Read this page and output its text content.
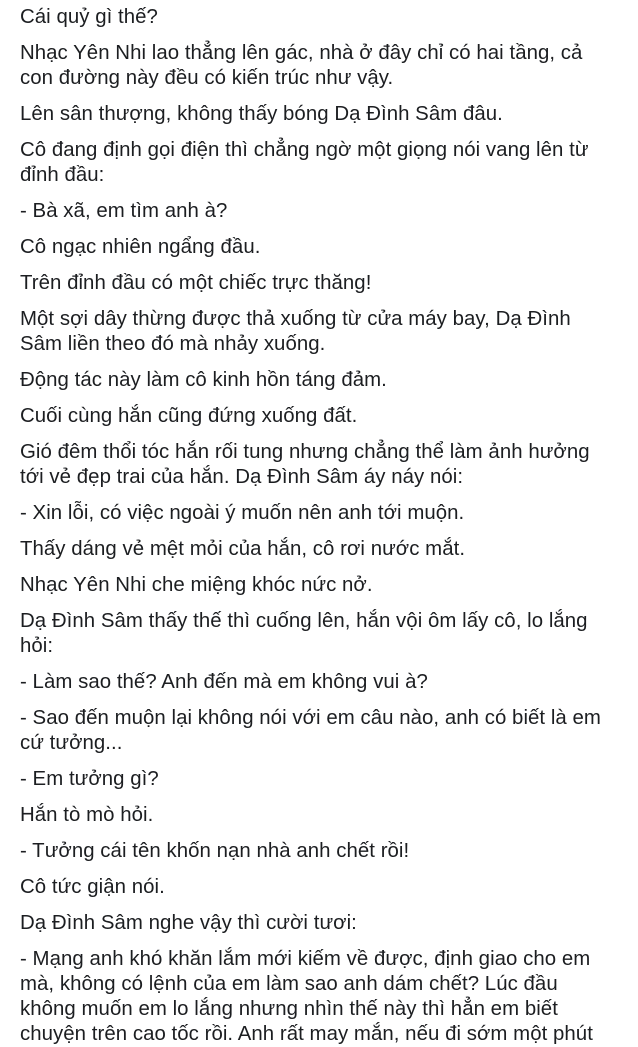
Cái quỷ gì thế?

Nhạc Yên Nhi lao thẳng lên gác, nhà ở đây chỉ có hai tầng, cả con đường này đều có kiến trúc như vậy.

Lên sân thượng, không thấy bóng Dạ Đình Sâm đâu.

Cô đang định gọi điện thì chẳng ngờ một giọng nói vang lên từ đỉnh đầu:

- Bà xã, em tìm anh à?

Cô ngạc nhiên ngẩng đầu.

Trên đỉnh đầu có một chiếc trực thăng!

Một sợi dây thừng được thả xuống từ cửa máy bay, Dạ Đình Sâm liền theo đó mà nhảy xuống.

Động tác này làm cô kinh hồn táng đảm.

Cuối cùng hắn cũng đứng xuống đất.

Gió đêm thổi tóc hắn rối tung nhưng chẳng thể làm ảnh hưởng tới vẻ đẹp trai của hắn. Dạ Đình Sâm áy náy nói:

- Xin lỗi, có việc ngoài ý muốn nên anh tới muộn.

Thấy dáng vẻ mệt mỏi của hắn, cô rơi nước mắt.

Nhạc Yên Nhi che miệng khóc nức nở.

Dạ Đình Sâm thấy thế thì cuống lên, hắn vội ôm lấy cô, lo lắng hỏi:

- Làm sao thế? Anh đến mà em không vui à?

- Sao đến muộn lại không nói với em câu nào, anh có biết là em cứ tưởng...

- Em tưởng gì?

Hắn tò mò hỏi.

- Tưởng cái tên khốn nạn nhà anh chết rồi!

Cô tức giận nói.

Dạ Đình Sâm nghe vậy thì cười tươi:

- Mạng anh khó khăn lắm mới kiếm về được, định giao cho em mà, không có lệnh của em làm sao anh dám chết? Lúc đầu không muốn em lo lắng nhưng nhìn thế này thì hẳn em biết chuyện trên cao tốc rồi. Anh rất may mắn, nếu đi sớm một phút
